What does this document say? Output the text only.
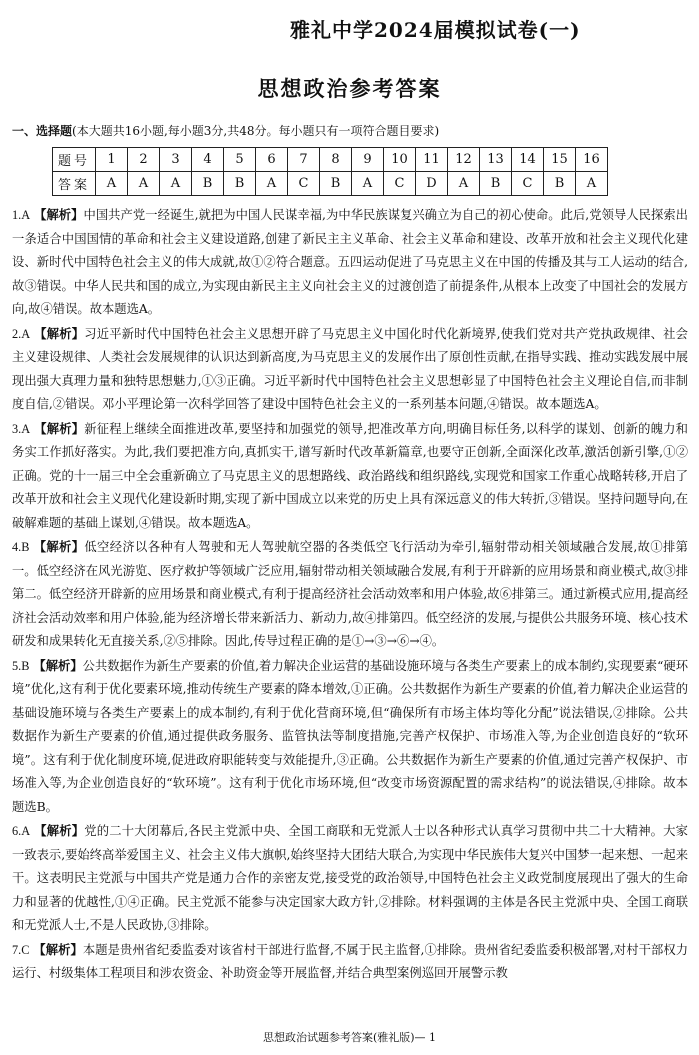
雅礼中学2024届模拟试卷(一)
思想政治参考答案
一、选择题(本大题共16小题,每小题3分,共48分。每小题只有一项符合题目要求)
题号	1	2	3	4	5	6	7	8	9	10	11	12	13	14	15	16
答案	A	A	A	B	B	A	C	B	A	C	D	A	B	C	B	A

1.A 【解析】中国共产党一经诞生,就把为中国人民谋幸福,为中华民族谋复兴确立为自己的初心使命。此后,党领导人民探索出一条适合中国国情的革命和社会主义建设道路,创建了新民主主义革命、社会主义革命和建设、改革开放和社会主义现代化建设、新时代中国特色社会主义的伟大成就,故①②符合题意。五四运动促进了马克思主义在中国的传播及其与工人运动的结合,故③错误。中华人民共和国的成立,为实现由新民主主义向社会主义的过渡创造了前提条件,从根本上改变了中国社会的发展方向,故④错误。故本题选A。

2.A 【解析】习近平新时代中国特色社会主义思想开辟了马克思主义中国化时代化新境界,使我们党对共产党执政规律、社会主义建设规律、人类社会发展规律的认识达到新高度,为马克思主义的发展作出了原创性贡献,在指导实践、推动实践发展中展现出强大真理力量和独特思想魅力,①③正确。习近平新时代中国特色社会主义思想彰显了中国特色社会主义理论自信,而非制度自信,②错误。邓小平理论第一次科学回答了建设中国特色社会主义的一系列基本问题,④错误。故本题选A。

3.A 【解析】新征程上继续全面推进改革,要坚持和加强党的领导,把准改革方向,明确目标任务,以科学的谋划、创新的魄力和务实工作抓好落实。为此,我们要把准方向,真抓实干,谱写新时代改革新篇章,也要守正创新,全面深化改革,激活创新引擎,①②正确。党的十一届三中全会重新确立了马克思主义的思想路线、政治路线和组织路线,实现党和国家工作重心战略转移,开启了改革开放和社会主义现代化建设新时期,实现了新中国成立以来党的历史上具有深远意义的伟大转折,③错误。坚持问题导向,在破解难题的基础上谋划,④错误。故本题选A。

4.B 【解析】低空经济以各种有人驾驶和无人驾驶航空器的各类低空飞行活动为牵引,辐射带动相关领域融合发展,故①排第一。低空经济在风光游览、医疗救护等领域广泛应用,辐射带动相关领域融合发展,有利于开辟新的应用场景和商业模式,故③排第二。低空经济开辟新的应用场景和商业模式,有利于提高经济社会活动效率和用户体验,故⑥排第三。通过新模式应用,提高经济社会活动效率和用户体验,能为经济增长带来新活力、新动力,故④排第四。低空经济的发展,与提供公共服务环境、核心技术研发和成果转化无直接关系,②⑤排除。因此,传导过程正确的是①→③→⑥→④。

5.B 【解析】公共数据作为新生产要素的价值,着力解决企业运营的基础设施环境与各类生产要素上的成本制约,实现要素“硬环境”优化,这有利于优化要素环境,推动传统生产要素的降本增效,①正确。公共数据作为新生产要素的价值,着力解决企业运营的基础设施环境与各类生产要素上的成本制约,有利于优化营商环境,但“确保所有市场主体均等化分配”说法错误,②排除。公共数据作为新生产要素的价值,通过提供政务服务、监管执法等制度措施,完善产权保护、市场准入等,为企业创造良好的“软环境”。这有利于优化制度环境,促进政府职能转变与效能提升,③正确。公共数据作为新生产要素的价值,通过完善产权保护、市场准入等,为企业创造良好的“软环境”。这有利于优化市场环境,但“改变市场资源配置的需求结构”的说法错误,④排除。故本题选B。

6.A 【解析】党的二十大闭幕后,各民主党派中央、全国工商联和无党派人士以各种形式认真学习贯彻中共二十大精神。大家一致表示,要始终高举爱国主义、社会主义伟大旗帜,始终坚持大团结大联合,为实现中华民族伟大复兴中国梦一起来想、一起来干。这表明民主党派与中国共产党是通力合作的亲密友党,接受党的政治领导,中国特色社会主义政党制度展现出了强大的生命力和显著的优越性,①④正确。民主党派不能参与决定国家大政方针,②排除。材料强调的主体是各民主党派中央、全国工商联和无党派人士,不是人民政协,③排除。

7.C 【解析】本题是贵州省纪委监委对该省村干部进行监督,不属于民主监督,①排除。贵州省纪委监委积极部署,对村干部权力运行、村级集体工程项目和涉农资金、补助资金等开展监督,并结合典型案例巡回开展警示教

思想政治试题参考答案(雅礼版)— 1
